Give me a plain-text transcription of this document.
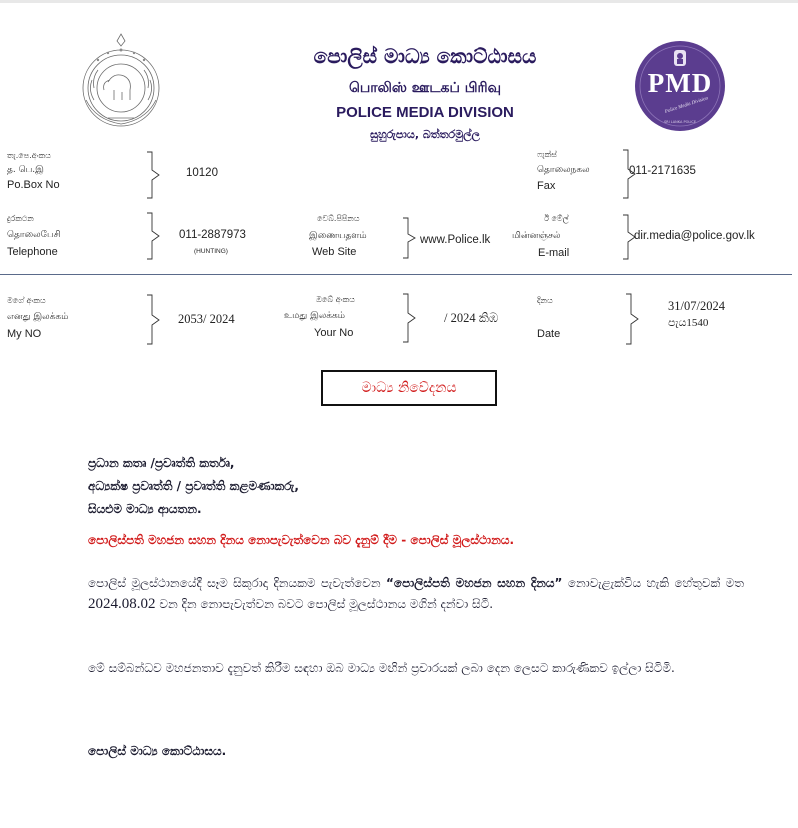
PMD
Police Media Division
SRI LANKA POLICE
පොලිස් මාධ්‍ය කොට්ඨාසය
பொலிஸ் ஊடகப் பிரிவு
POLICE MEDIA DIVISION
සුහුරුපාය, බත්තරමුල්ල
තැ.පෙ.අංකය
த. பெ.இ
Po.Box No
10120
ෆැක්ස්
தொலைநகல
Fax
011-2171635
දුරකථන
தொலைபேசி
Telephone
011-2887973
(HUNTING)
වෙබ්.පිපිනය
இணையதளம்
Web Site
www.Police.lk
ඊ මේල්
மின்னஞ்சல்
E-mail
dir.media@police.gov.lk
මගේ අංකය
எனது இலக்கம்
My NO
2053/ 2024
ඔබේ අංකය
உமது இலக்கம்
Your No
/ 2024 කිඹ
දිනය
Date
31/07/2024
පැය1540
මාධ්‍ය නිවේදනය
ප්‍රධාන කතෘ /ප්‍රවෘත්ති කර්තෘ,
අධ්‍යක්ෂ ප්‍රවෘත්ති / ප්‍රවෘත්ති කළමණාකරු,
සියළුම මාධ්‍ය ආයතන.
පොලිස්පති මහජන සහන දිනය නොපැවැත්වෙන බව දැනුම් දීම - පොලිස් මූලස්ථානය.
පොලිස් මූලස්ථානයේදී සෑම සිකුරාදා දිනයකම පැවැත්වෙන “පොලිස්පති මහජන සහන දිනය” නොවැළැක්විය හැකි හේතුවක් මත 2024.08.02 වන දින නොපැවැත්වන බවට පොලිස් මූලස්ථානය මගින් දන්වා සිටී.
මේ සම්බන්ධව මහජනතාව දැනුවත් කිරීම සඳහා ඔබ මාධ්‍ය මඟින් ප්‍රචාරයක් ලබා දෙන ලෙසට කාරුණිකව ඉල්ලා සිටිමි.
පොලිස් මාධ්‍ය කොට්ඨාසය.
